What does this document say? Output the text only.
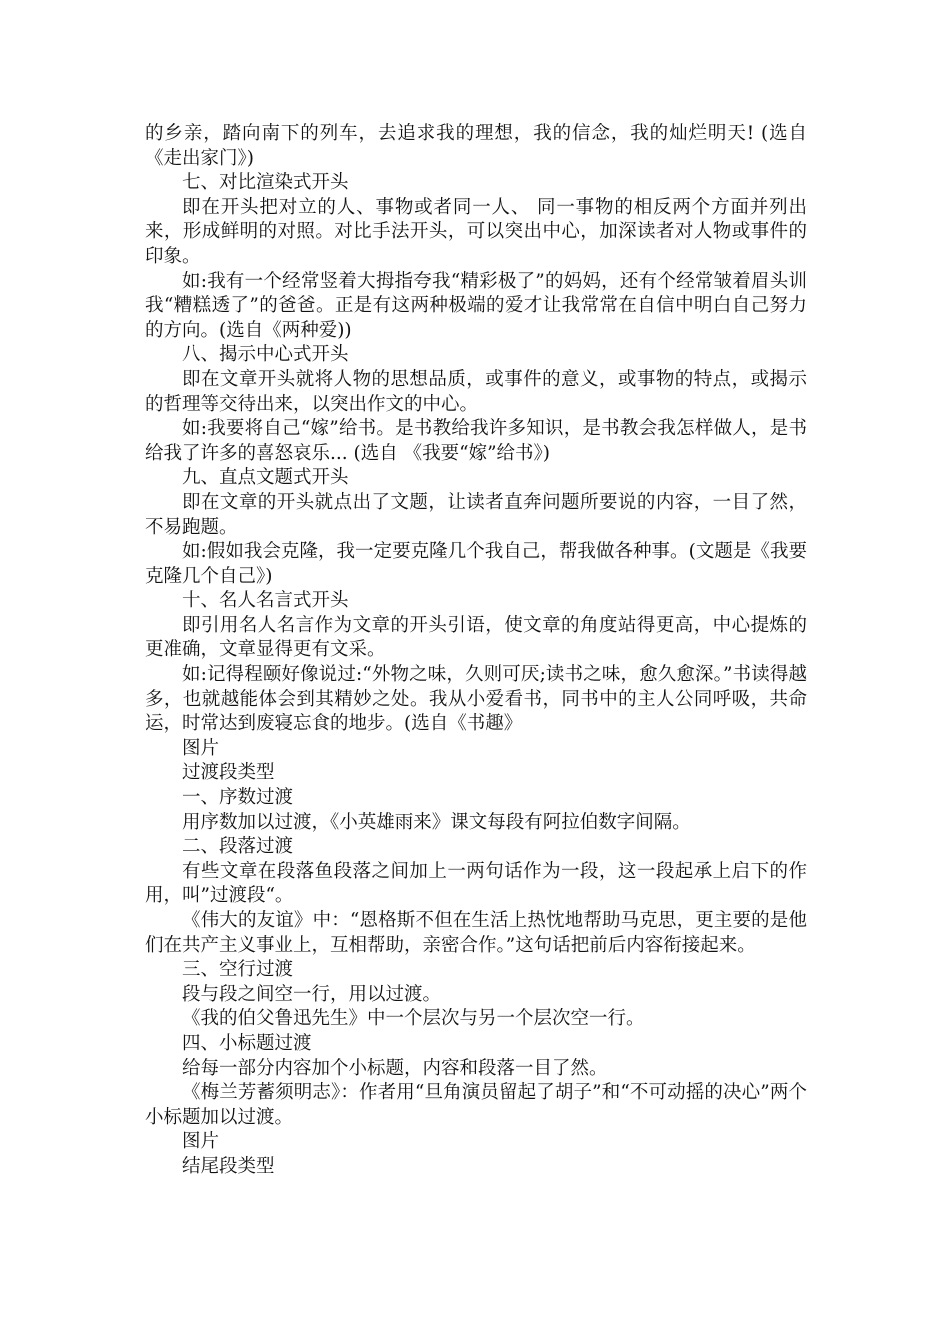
的乡亲，踏向南下的列车，去追求我的理想，我的信念，我的灿烂明天! (选自《走出家门》)

七、对比渲染式开头

即在开头把对立的人、事物或者同一人、 同一事物的相反两个方面并列出来，形成鲜明的对照。对比手法开头，可以突出中心，加深读者对人物或事件的印象。

如:我有一个经常竖着大拇指夸我“精彩极了”的妈妈，还有个经常皱着眉头训我“糟糕透了”的爸爸。正是有这两种极端的爱才让我常常在自信中明白自己努力的方向。(选自《两种爱))

八、揭示中心式开头

即在文章开头就将人物的思想品质，或事件的意义，或事物的特点，或揭示的哲理等交待出来，以突出作文的中心。

如:我要将自己“嫁”给书。是书教给我许多知识，是书教会我怎样做人，是书给我了许多的喜怒哀乐... (选自 《我要“嫁”给书》)

九、直点文题式开头

即在文章的开头就点出了文题，让读者直奔问题所要说的内容，一目了然，不易跑题。

如:假如我会克隆，我一定要克隆几个我自己，帮我做各种事。(文题是《我要克隆几个自己》)

十、名人名言式开头

即引用名人名言作为文章的开头引语，使文章的角度站得更高，中心提炼的更准确，文章显得更有文采。

如:记得程颐好像说过:“外物之味，久则可厌;读书之味，愈久愈深。”书读得越多，也就越能体会到其精妙之处。我从小爱看书，同书中的主人公同呼吸，共命运，时常达到废寝忘食的地步。(选自《书趣》

图片

过渡段类型

一、序数过渡

用序数加以过渡，《小英雄雨来》课文每段有阿拉伯数字间隔。

二、段落过渡

有些文章在段落鱼段落之间加上一两句话作为一段，这一段起承上启下的作用，叫”过渡段“。

《伟大的友谊》中：“恩格斯不但在生活上热忱地帮助马克思，更主要的是他们在共产主义事业上，互相帮助，亲密合作。”这句话把前后内容衔接起来。

三、空行过渡

段与段之间空一行，用以过渡。

《我的伯父鲁迅先生》中一个层次与另一个层次空一行。

四、小标题过渡

给每一部分内容加个小标题，内容和段落一目了然。

《梅兰芳蓄须明志》：作者用“旦角演员留起了胡子”和“不可动摇的决心”两个小标题加以过渡。

图片

结尾段类型
